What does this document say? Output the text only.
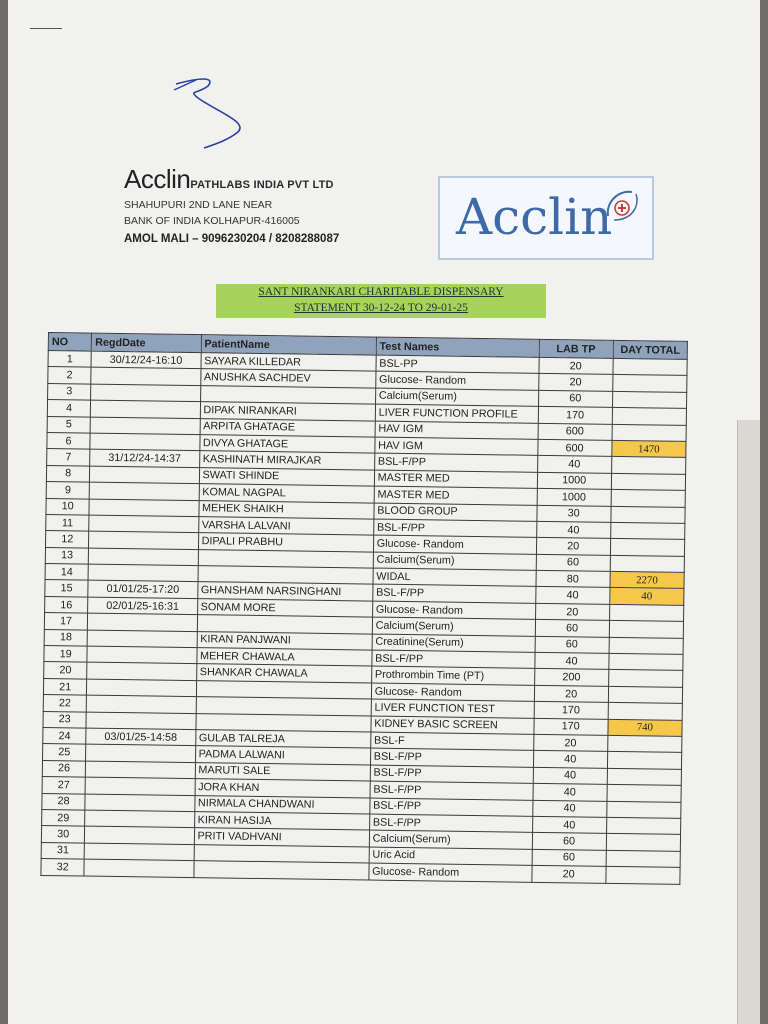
AcclinPATHLABS INDIA PVT LTD
SHAHUPURI 2ND LANE NEAR
BANK OF INDIA KOLHAPUR-416005
AMOL MALI – 9096230204 / 8208288087 Acclin
SANT NIRANKARI CHARITABLE DISPENSARY
STATEMENT 30-12-24 TO 29-01-25
NO	RegdDate	PatientName	Test Names	LAB TP	DAY TOTAL
1	30/12/24-16:10	SAYARA KILLEDAR	BSL-PP	20	
2		ANUSHKA SACHDEV	Glucose- Random	20	
3			Calcium(Serum)	60	
4		DIPAK NIRANKARI	LIVER FUNCTION PROFILE	170	
5		ARPITA GHATAGE	HAV IGM	600	
6		DIVYA GHATAGE	HAV IGM	600	1470
7	31/12/24-14:37	KASHINATH MIRAJKAR	BSL-F/PP	40	
8		SWATI SHINDE	MASTER MED	1000	
9		KOMAL NAGPAL	MASTER MED	1000	
10		MEHEK SHAIKH	BLOOD GROUP	30	
11		VARSHA LALVANI	BSL-F/PP	40	
12		DIPALI PRABHU	Glucose- Random	20	
13			Calcium(Serum)	60	
14			WIDAL	80	2270
15	01/01/25-17:20	GHANSHAM NARSINGHANI	BSL-F/PP	40	40
16	02/01/25-16:31	SONAM MORE	Glucose- Random	20	
17			Calcium(Serum)	60	
18		KIRAN PANJWANI	Creatinine(Serum)	60	
19		MEHER CHAWALA	BSL-F/PP	40	
20		SHANKAR CHAWALA	Prothrombin Time (PT)	200	
21			Glucose- Random	20	
22			LIVER FUNCTION TEST	170	
23			KIDNEY BASIC SCREEN	170	740
24	03/01/25-14:58	GULAB TALREJA	BSL-F	20	
25		PADMA LALWANI	BSL-F/PP	40	
26		MARUTI SALE	BSL-F/PP	40	
27		JORA KHAN	BSL-F/PP	40	
28		NIRMALA CHANDWANI	BSL-F/PP	40	
29		KIRAN HASIJA	BSL-F/PP	40	
30		PRITI VADHVANI	Calcium(Serum)	60	
31			Uric Acid	60	
32			Glucose- Random	20	
